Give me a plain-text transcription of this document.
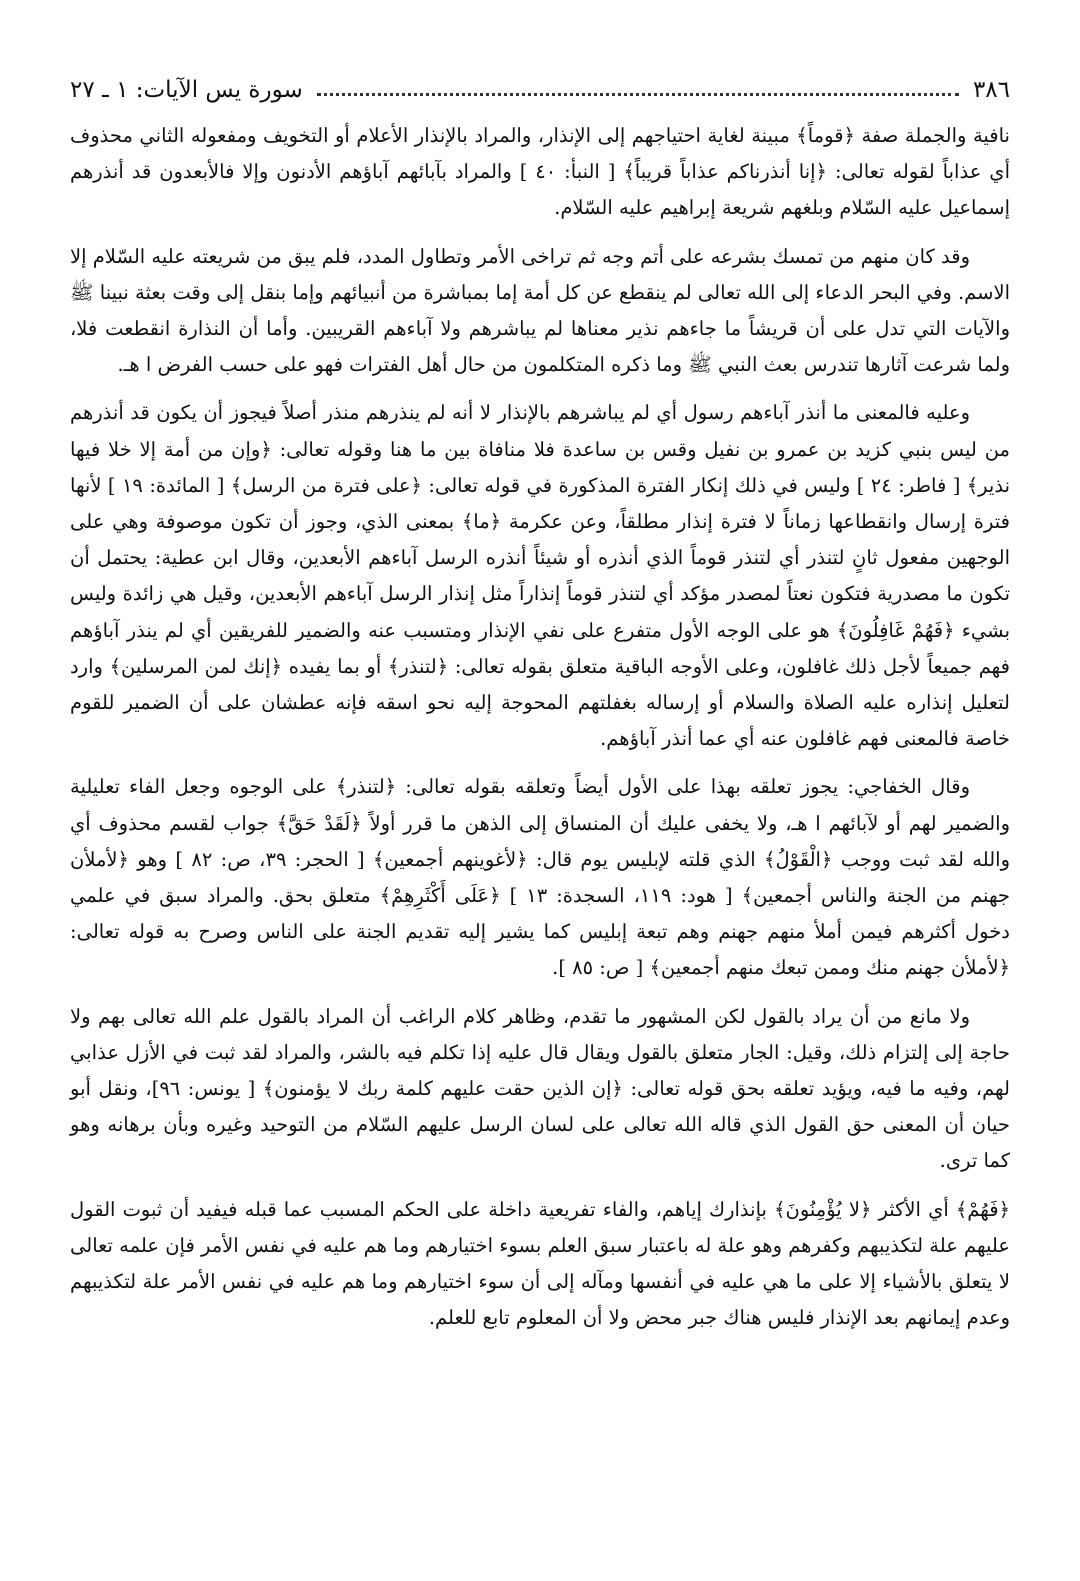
٣٨٦
سورة يس الآيات: ١ ـ ٢٧

نافية والجملة صفة ﴿قوماً﴾ مبينة لغاية احتياجهم إلى الإنذار، والمراد بالإنذار الأعلام أو التخويف ومفعوله الثاني محذوف أي عذاباً لقوله تعالى: ﴿إنا أنذرناكم عذاباً قريباً﴾ [ النبأ: ٤٠ ] والمراد بآبائهم آباؤهم الأدنون وإلا فالأبعدون قد أنذرهم إسماعيل عليه السّلام وبلغهم شريعة إبراهيم عليه السّلام.

وقد كان منهم من تمسك بشرعه على أتم وجه ثم تراخى الأمر وتطاول المدد، فلم يبق من شريعته عليه السّلام إلا الاسم. وفي البحر الدعاء إلى الله تعالى لم ينقطع عن كل أمة إما بمباشرة من أنبيائهم وإما بنقل إلى وقت بعثة نبينا ﷺ والآيات التي تدل على أن قريشاً ما جاءهم نذير معناها لم يباشرهم ولا آباءهم القريبين. وأما أن النذارة انقطعت فلا، ولما شرعت آثارها تندرس بعث النبي ﷺ وما ذكره المتكلمون من حال أهل الفترات فهو على حسب الفرض ا هـ.

وعليه فالمعنى ما أنذر آباءهم رسول أي لم يباشرهم بالإنذار لا أنه لم ينذرهم منذر أصلاً فيجوز أن يكون قد أنذرهم من ليس بنبي كزيد بن عمرو بن نفيل وقس بن ساعدة فلا منافاة بين ما هنا وقوله تعالى: ﴿وإن من أمة إلا خلا فيها نذير﴾ [ فاطر: ٢٤ ] وليس في ذلك إنكار الفترة المذكورة في قوله تعالى: ﴿على فترة من الرسل﴾ [ المائدة: ١٩ ] لأنها فترة إرسال وانقطاعها زماناً لا فترة إنذار مطلقاً، وعن عكرمة ﴿ما﴾ بمعنى الذي، وجوز أن تكون موصوفة وهي على الوجهين مفعول ثانٍ لتنذر أي لتنذر قوماً الذي أنذره أو شيئاً أنذره الرسل آباءهم الأبعدين، وقال ابن عطية: يحتمل أن تكون ما مصدرية فتكون نعتاً لمصدر مؤكد أي لتنذر قوماً إنذاراً مثل إنذار الرسل آباءهم الأبعدين، وقيل هي زائدة وليس بشيء ﴿فَهُمْ غَافِلُونَ﴾ هو على الوجه الأول متفرع على نفي الإنذار ومتسبب عنه والضمير للفريقين أي لم ينذر آباؤهم فهم جميعاً لأجل ذلك غافلون، وعلى الأوجه الباقية متعلق بقوله تعالى: ﴿لتنذر﴾ أو بما يفيده ﴿إنك لمن المرسلين﴾ وارد لتعليل إنذاره عليه الصلاة والسلام أو إرساله بغفلتهم المحوجة إليه نحو اسقه فإنه عطشان على أن الضمير للقوم خاصة فالمعنى فهم غافلون عنه أي عما أنذر آباؤهم.

وقال الخفاجي: يجوز تعلقه بهذا على الأول أيضاً وتعلقه بقوله تعالى: ﴿لتنذر﴾ على الوجوه وجعل الفاء تعليلية والضمير لهم أو لآبائهم ا هـ، ولا يخفى عليك أن المنساق إلى الذهن ما قرر أولاً ﴿لَقَدْ حَقَّ﴾ جواب لقسم محذوف أي والله لقد ثبت ووجب ﴿الْقَوْلُ﴾ الذي قلته لإبليس يوم قال: ﴿لأغوينهم أجمعين﴾ [ الحجر: ٣٩، ص: ٨٢ ] وهو ﴿لأملأن جهنم من الجنة والناس أجمعين﴾ [ هود: ١١٩، السجدة: ١٣ ] ﴿عَلَى أَكْثَرِهِمْ﴾ متعلق بحق. والمراد سبق في علمي دخول أكثرهم فيمن أملأ منهم جهنم وهم تبعة إبليس كما يشير إليه تقديم الجنة على الناس وصرح به قوله تعالى: ﴿لأملأن جهنم منك وممن تبعك منهم أجمعين﴾ [ ص: ٨٥ ].

ولا مانع من أن يراد بالقول لكن المشهور ما تقدم، وظاهر كلام الراغب أن المراد بالقول علم الله تعالى بهم ولا حاجة إلى إلتزام ذلك، وقيل: الجار متعلق بالقول ويقال قال عليه إذا تكلم فيه بالشر، والمراد لقد ثبت في الأزل عذابي لهم، وفيه ما فيه، ويؤيد تعلقه بحق قوله تعالى: ﴿إن الذين حقت عليهم كلمة ربك لا يؤمنون﴾ [ يونس: ٩٦]، ونقل أبو حيان أن المعنى حق القول الذي قاله الله تعالى على لسان الرسل عليهم السّلام من التوحيد وغيره وبأن برهانه وهو كما ترى.

﴿فَهُمْ﴾ أي الأكثر ﴿لا يُؤْمِنُونَ﴾ بإنذارك إياهم، والفاء تفريعية داخلة على الحكم المسبب عما قبله فيفيد أن ثبوت القول عليهم علة لتكذيبهم وكفرهم وهو علة له باعتبار سبق العلم بسوء اختيارهم وما هم عليه في نفس الأمر فإن علمه تعالى لا يتعلق بالأشياء إلا على ما هي عليه في أنفسها ومآله إلى أن سوء اختيارهم وما هم عليه في نفس الأمر علة لتكذيبهم وعدم إيمانهم بعد الإنذار فليس هناك جبر محض ولا أن المعلوم تابع للعلم.
